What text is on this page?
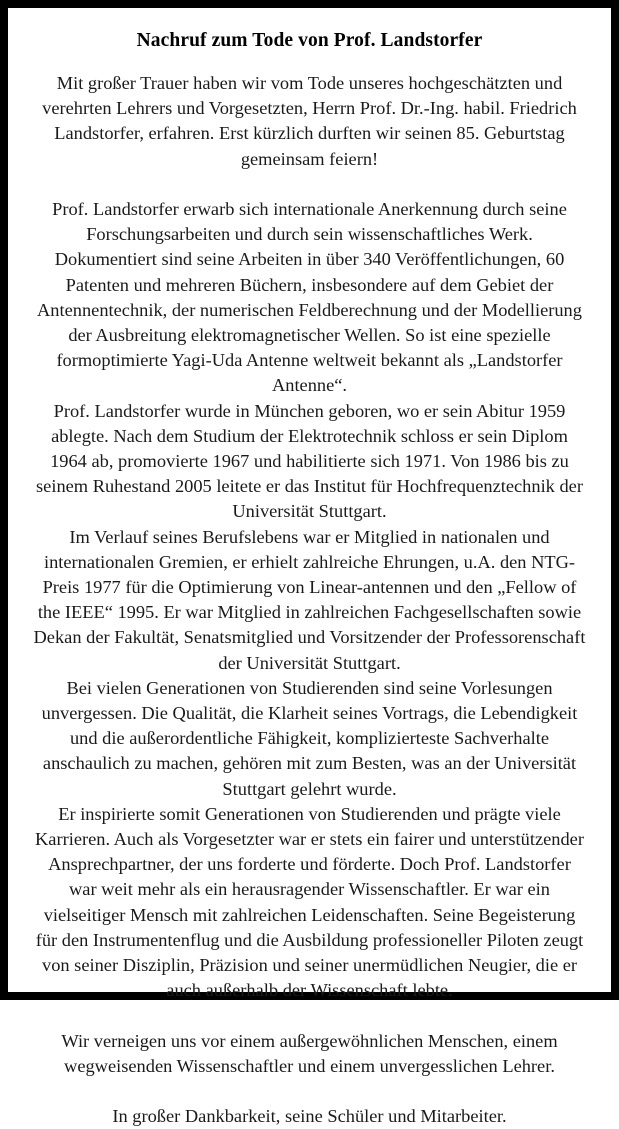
Nachruf zum Tode von Prof. Landstorfer
Mit großer Trauer haben wir vom Tode unseres hochgeschätzten und verehrten Lehrers und Vorgesetzten, Herrn Prof. Dr.-Ing. habil. Friedrich Landstorfer, erfahren. Erst kürzlich durften wir seinen 85. Geburtstag gemeinsam feiern!
Prof. Landstorfer erwarb sich internationale Anerkennung durch seine Forschungsarbeiten und durch sein wissenschaftliches Werk. Dokumentiert sind seine Arbeiten in über 340 Veröffentlichungen, 60 Patenten und mehreren Büchern, insbesondere auf dem Gebiet der Antennentechnik, der numerischen Feldberechnung und der Modellierung der Ausbreitung elektromagnetischer Wellen. So ist eine spezielle formoptimierte Yagi-Uda Antenne weltweit bekannt als „Landstorfer Antenne“.
Prof. Landstorfer wurde in München geboren, wo er sein Abitur 1959 ablegte. Nach dem Studium der Elektrotechnik schloss er sein Diplom 1964 ab, promovierte 1967 und habilitierte sich 1971. Von 1986 bis zu seinem Ruhestand 2005 leitete er das Institut für Hochfrequenztechnik der Universität Stuttgart.
Im Verlauf seines Berufslebens war er Mitglied in nationalen und internationalen Gremien, er erhielt zahlreiche Ehrungen, u.A. den NTG-Preis 1977 für die Optimierung von Linear-antennen und den „Fellow of the IEEE“ 1995. Er war Mitglied in zahlreichen Fachgesellschaften sowie Dekan der Fakultät, Senatsmitglied und Vorsitzender der Professorenschaft der Universität Stuttgart.
Bei vielen Generationen von Studierenden sind seine Vorlesungen unvergessen. Die Qualität, die Klarheit seines Vortrags, die Lebendigkeit und die außerordentliche Fähigkeit, komplizierteste Sachverhalte anschaulich zu machen, gehören mit zum Besten, was an der Universität Stuttgart gelehrt wurde.
Er inspirierte somit Generationen von Studierenden und prägte viele Karrieren. Auch als Vorgesetzter war er stets ein fairer und unterstützender Ansprechpartner, der uns forderte und förderte. Doch Prof. Landstorfer war weit mehr als ein herausragender Wissenschaftler. Er war ein vielseitiger Mensch mit zahlreichen Leidenschaften. Seine Begeisterung für den Instrumentenflug und die Ausbildung professioneller Piloten zeugt von seiner Disziplin, Präzision und seiner unermüdlichen Neugier, die er auch außerhalb der Wissenschaft lebte.
Wir verneigen uns vor einem außergewöhnlichen Menschen, einem wegweisenden Wissenschaftler und einem unvergesslichen Lehrer.
In großer Dankbarkeit, seine Schüler und Mitarbeiter.
